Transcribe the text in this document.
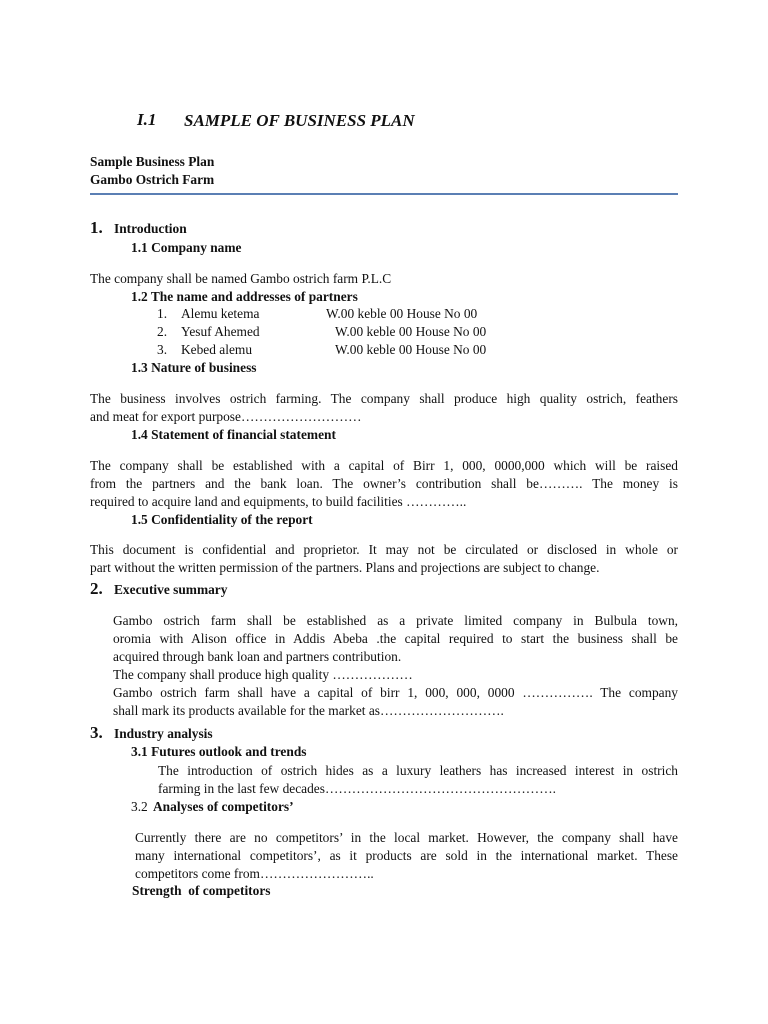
I.1 SAMPLE OF BUSINESS PLAN
Sample Business Plan
Gambo Ostrich Farm
1. Introduction
1.1 Company name
The company shall be named Gambo ostrich farm P.L.C
1.2 The name and addresses of partners
1. Alemu ketema	W.00 keble 00 House No 00
2. Yesuf Ahemed	W.00 keble 00 House No 00
3. Kebed alemu	W.00 keble 00 House No 00
1.3 Nature of business
The business involves ostrich farming. The company shall produce high quality ostrich, feathers
and meat for export purpose………………………
1.4 Statement of financial statement
The company shall be established with a capital of Birr 1, 000, 0000,000 which will be raised
from the partners and the bank loan. The owner’s contribution shall be………. The money is
required to acquire land and equipments, to build facilities …………..
1.5 Confidentiality of the report
This document is confidential and proprietor. It may not be circulated or disclosed in whole or
part without the written permission of the partners. Plans and projections are subject to change.
2. Executive summary
Gambo ostrich farm shall be established as a private limited company in Bulbula town,
oromia with Alison office in Addis Abeba .the capital required to start the business shall be
acquired through bank loan and partners contribution.
The company shall produce high quality ………………
Gambo ostrich farm shall have a capital of birr 1, 000, 000, 0000 ……………. The company
shall mark its products available for the market as……………………….
3. Industry analysis
3.1 Futures outlook and trends
The introduction of ostrich hides as a luxury leathers has increased interest in ostrich
farming in the last few decades…………………………………………….
3.2 Analyses of competitors’
Currently there are no competitors’ in the local market. However, the company shall have
many international competitors’, as it products are sold in the international market. These
competitors come from……………………..
Strength  of competitors
